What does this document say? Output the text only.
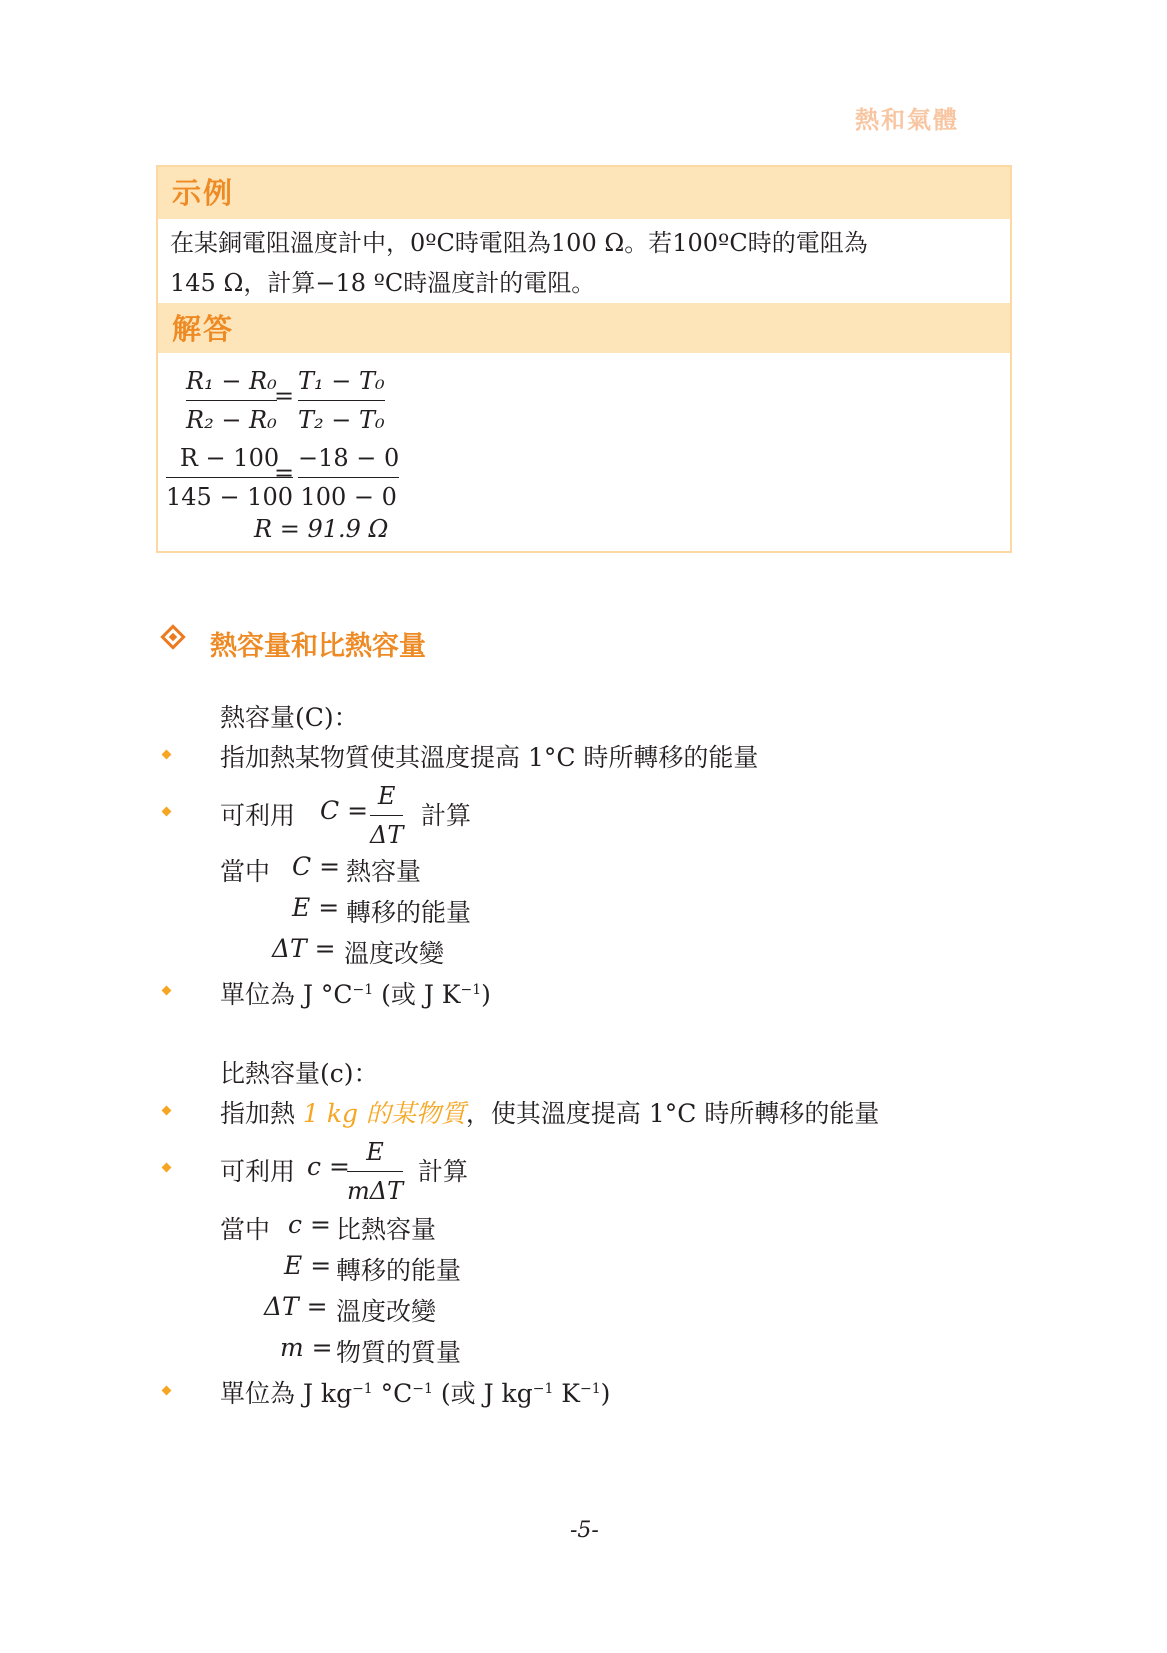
熱和氣體
示例
在某銅電阻溫度計中，0ºC時電阻為100 Ω。若100ºC時的電阻為
145 Ω，計算−18 ºC時溫度計的電阻。
解答
R₁ − R₀
R₂ − R₀
=
T₁ − T₀
T₂ − T₀
R − 100
145 − 100
=
−18 − 0
100 − 0
R = 91.9 Ω
熱容量和比熱容量
熱容量(C)：
指加熱某物質使其溫度提高 1°C 時所轉移的能量
可利用 C = E
ΔT
計算
當中 C = 熱容量
E = 轉移的能量
ΔT = 溫度改變
單位為 J $^\circ C^{-1}$ (或 J $K^{-1}$)
比熱容量(c)：
指加熱 1 kg 的某物質，使其溫度提高 1°C 時所轉移的能量
可利用 c = E
mΔT
計算
當中 c = 比熱容量
E = 轉移的能量
ΔT = 溫度改變
m = 物質的質量
單位為 J $kg^{-1}$ $^\circ C^{-1}$ (或 J $kg^{-1}$ $K^{-1}$)
-5-
